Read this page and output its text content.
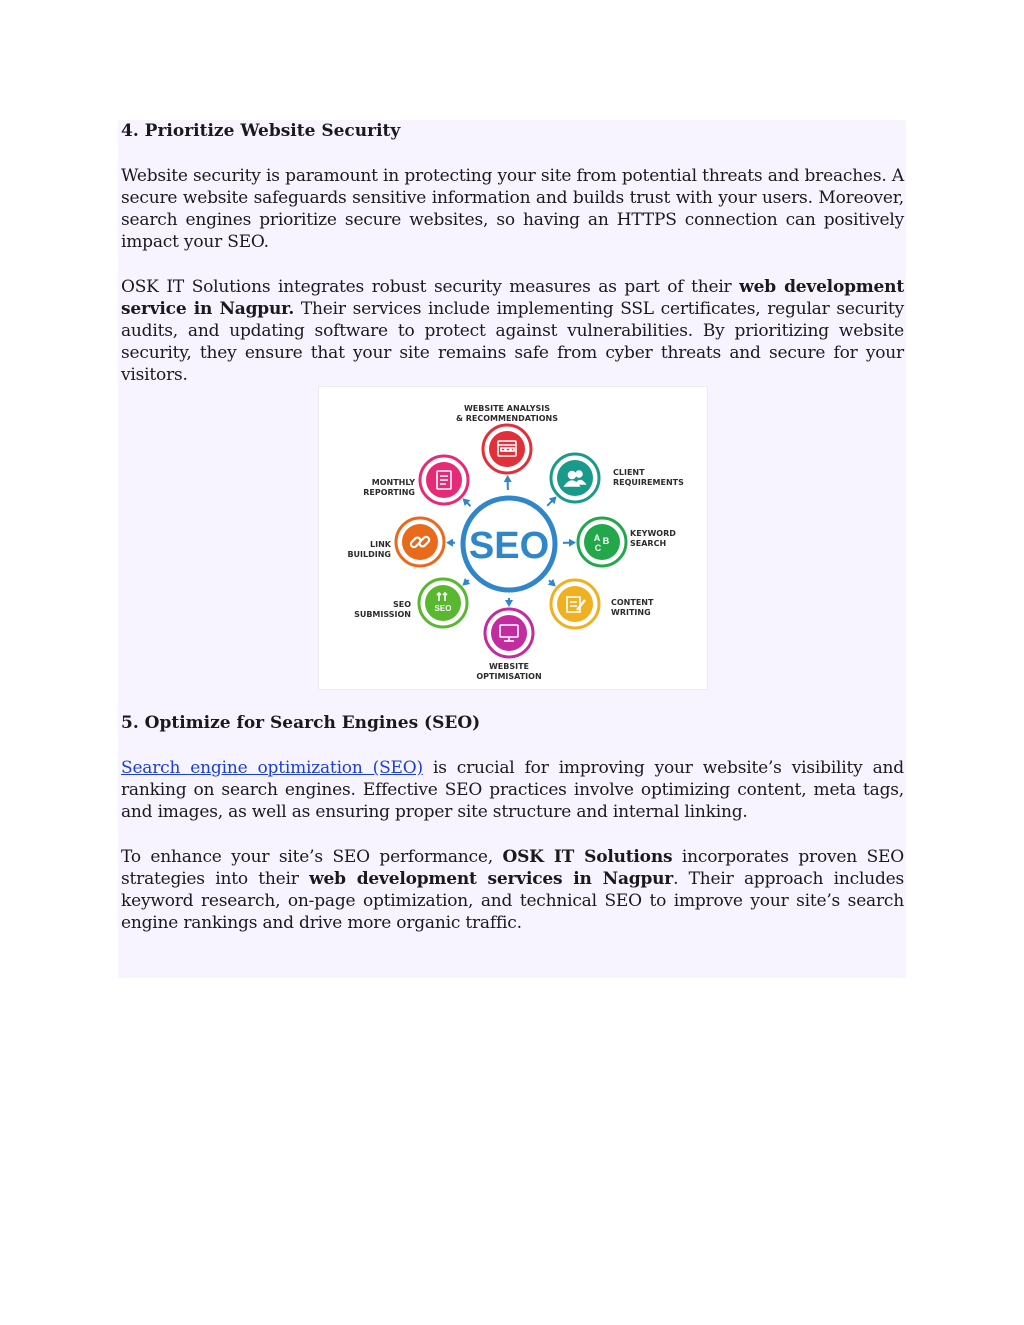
4. Prioritize Website Security

Website security is paramount in protecting your site from potential threats and breaches. A secure website safeguards sensitive information and builds trust with your users. Moreover, search engines prioritize secure websites, so having an HTTPS connection can positively impact your SEO.

OSK IT Solutions integrates robust security measures as part of their web development service in Nagpur. Their services include implementing SSL certificates, regular security audits, and updating software to protect against vulnerabilities. By prioritizing website security, they ensure that your site remains safe from cyber threats and secure for your visitors.

SEO
WEBSITE ANALYSIS
& RECOMMENDATIONS
CLIENT
REQUIREMENTS
A B
C
KEYWORD
SEARCH
CONTENT
WRITING
WEBSITE
OPTIMISATION
SEO
SEO
SUBMISSION
LINK
BUILDING
MONTHLY
REPORTING
5. Optimize for Search Engines (SEO)

Search engine optimization (SEO) is crucial for improving your website’s visibility and ranking on search engines. Effective SEO practices involve optimizing content, meta tags, and images, as well as ensuring proper site structure and internal linking.

To enhance your site’s SEO performance, OSK IT Solutions incorporates proven SEO strategies into their web development services in Nagpur. Their approach includes keyword research, on-page optimization, and technical SEO to improve your site’s search engine rankings and drive more organic traffic.
